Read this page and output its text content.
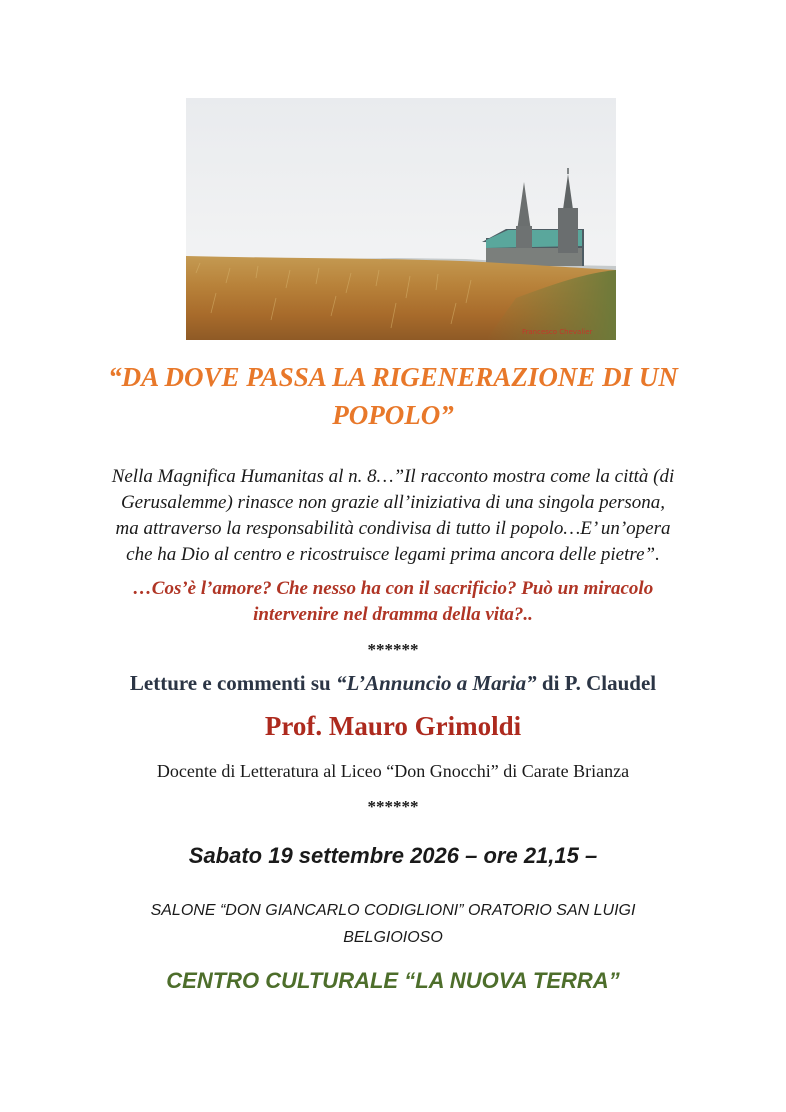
Francesco Chevalier
“DA DOVE PASSA LA RIGENERAZIONE DI UN
POPOLO”

Nella Magnifica Humanitas al n. 8…”Il racconto mostra come la città (di
Gerusalemme) rinasce non grazie all’iniziativa di una singola persona,
ma attraverso la responsabilità condivisa di tutto il popolo…E’ un’opera
che ha Dio al centro e ricostruisce legami prima ancora delle pietre”.

…Cos’è l’amore? Che nesso ha con il sacrificio? Può un miracolo
intervenire nel dramma della vita?..

******

Letture e commenti su “L’Annuncio a Maria” di P. Claudel

Prof. Mauro Grimoldi

Docente di Letteratura al Liceo “Don Gnocchi” di Carate Brianza

******

Sabato 19 settembre 2026 – ore 21,15 –

SALONE “DON GIANCARLO CODIGLIONI” ORATORIO SAN LUIGI
BELGIOIOSO

CENTRO CULTURALE “LA NUOVA TERRA”
